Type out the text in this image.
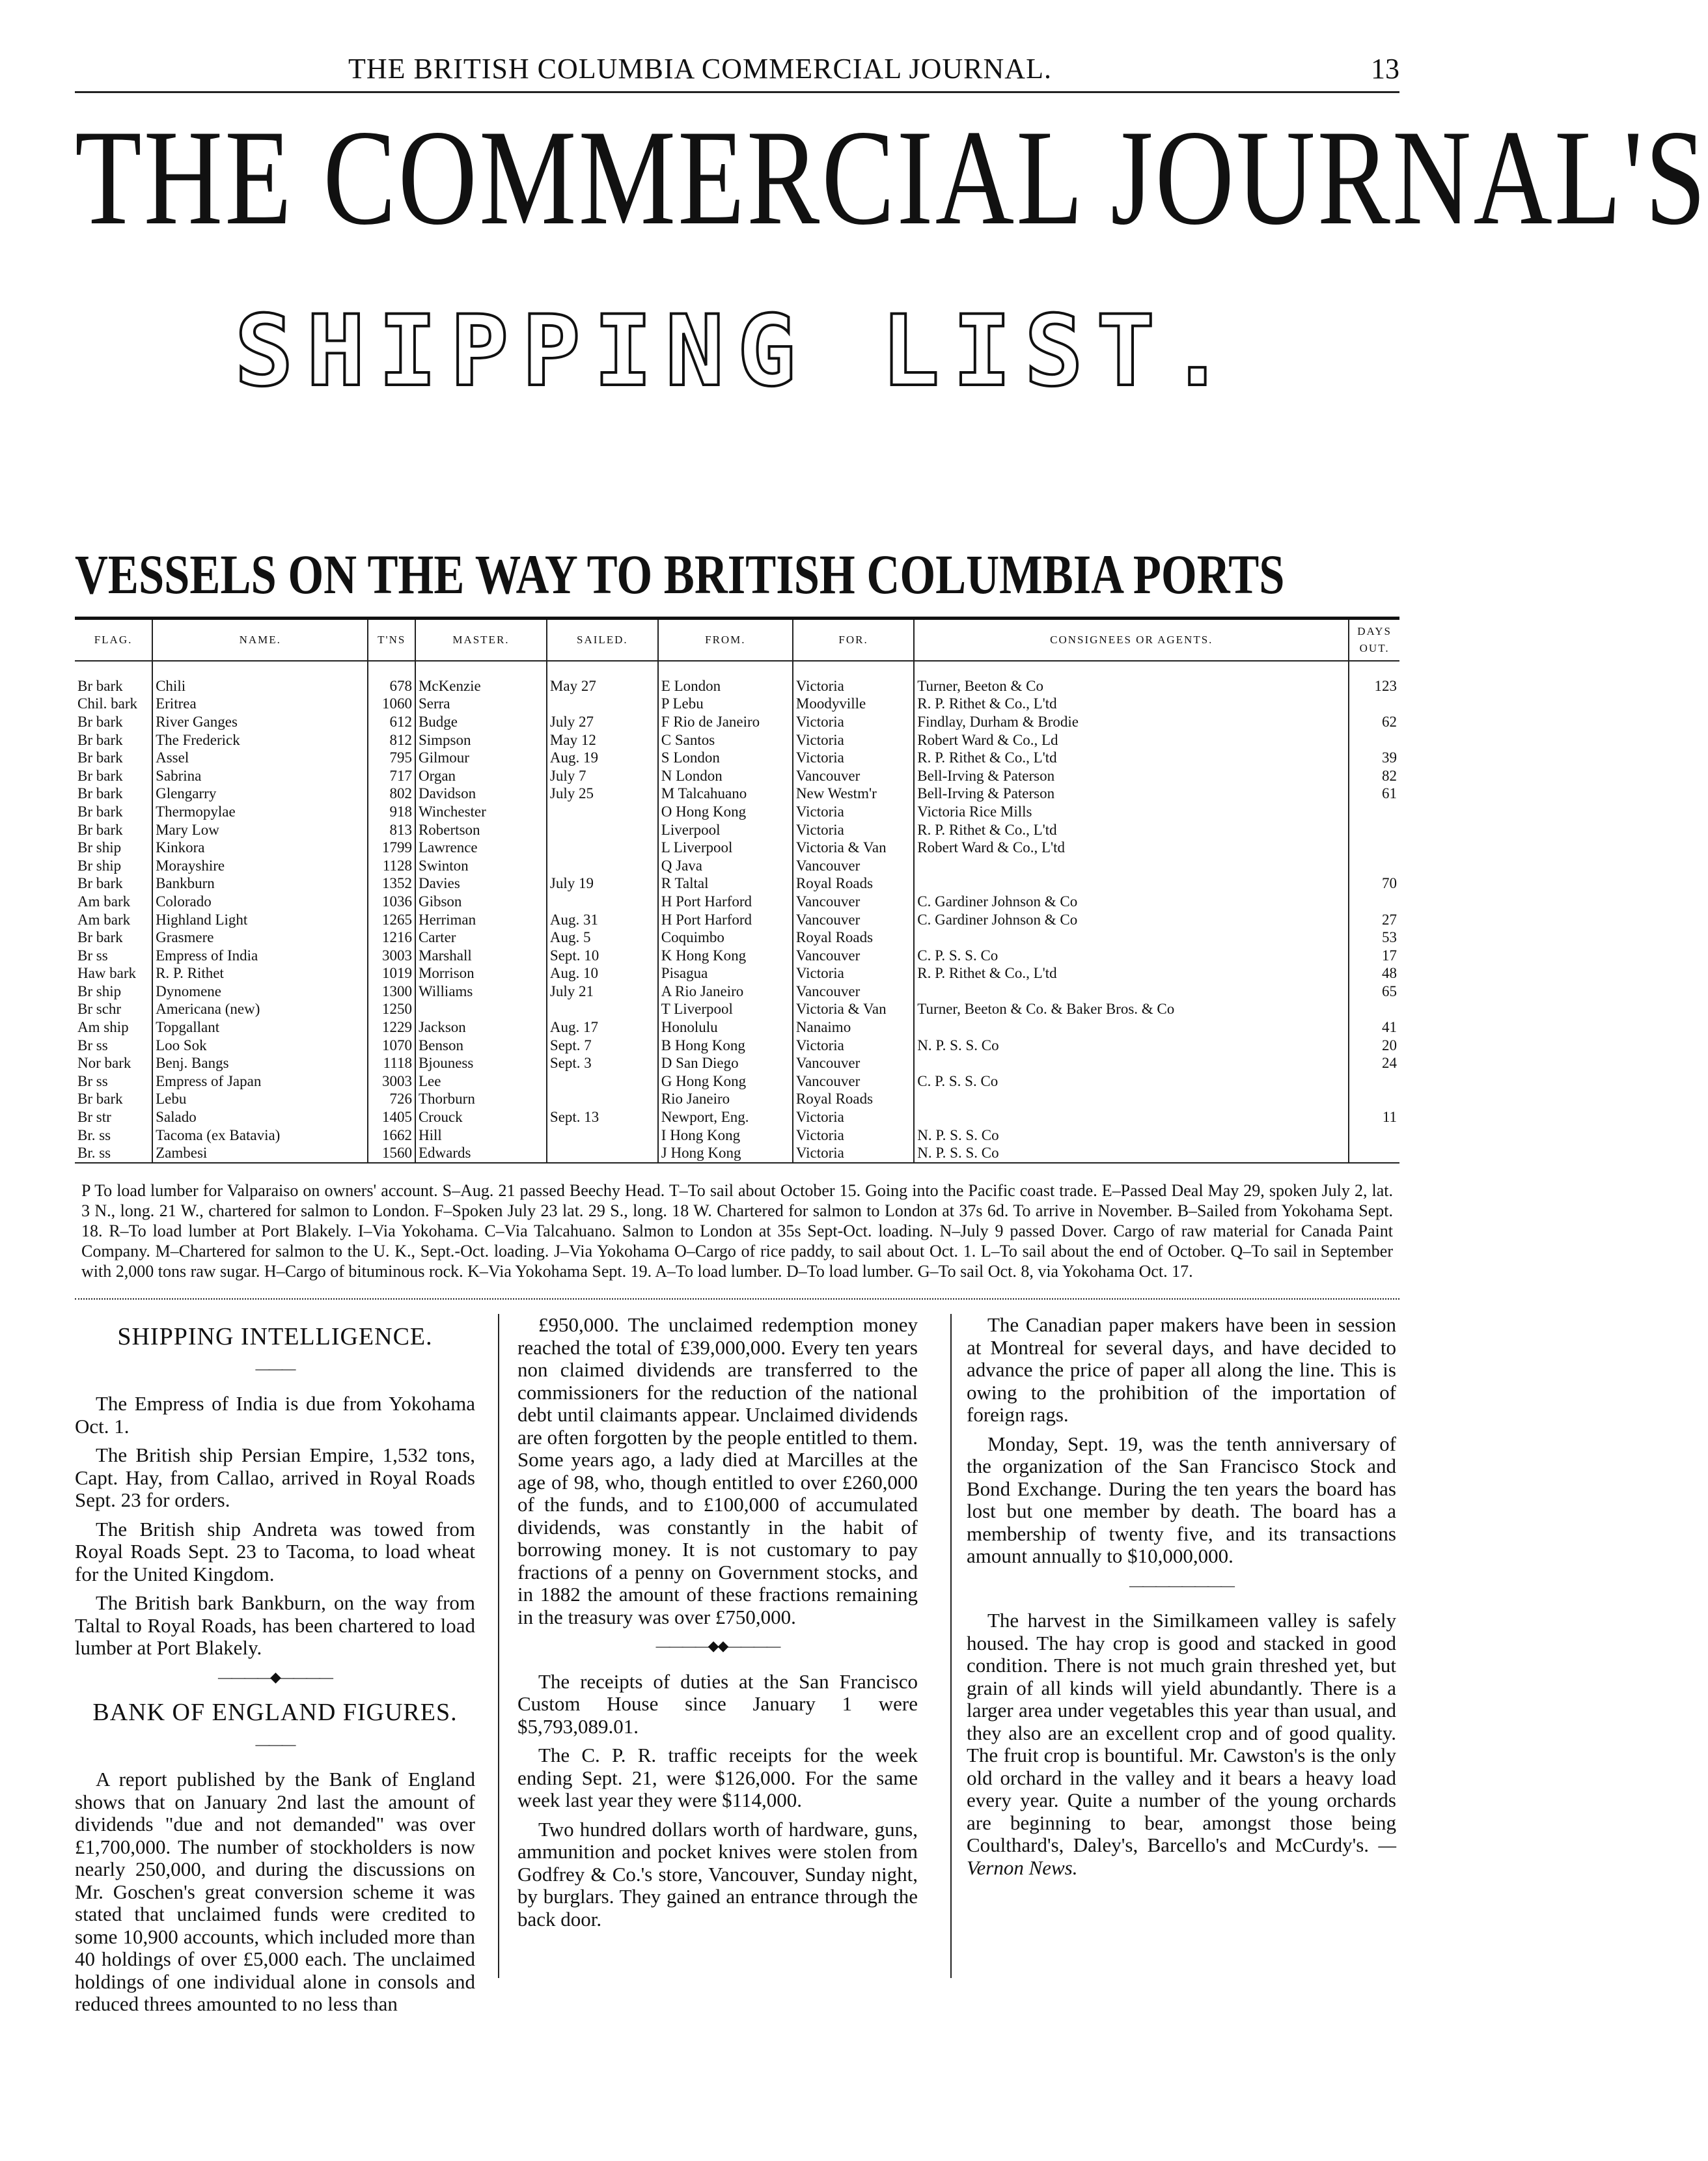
THE BRITISH COLUMBIA COMMERCIAL JOURNAL.	13
THE COMMERCIAL JOURNAL'S
SHIPPING LIST.
VESSELS ON THE WAY TO BRITISH COLUMBIA PORTS
FLAG.	NAME.	T'NS	MASTER.	SAILED.	FROM.	FOR.	CONSIGNEES OR AGENTS.	DAYS OUT.
Br bark	Chili	678	McKenzie	May 27	E London	Victoria	Turner, Beeton & Co	123
Chil. bark	Eritrea	1060	Serra		P Lebu	Moodyville	R. P. Rithet & Co., L'td	
Br bark	River Ganges	612	Budge	July 27	F Rio de Janeiro	Victoria	Findlay, Durham & Brodie	62
Br bark	The Frederick	812	Simpson	May 12	C Santos	Victoria	Robert Ward & Co., Ld	
Br bark	Assel	795	Gilmour	Aug. 19	S London	Victoria	R. P. Rithet & Co., L'td	39
Br bark	Sabrina	717	Organ	July 7	N London	Vancouver	Bell-Irving & Paterson	82
Br bark	Glengarry	802	Davidson	July 25	M Talcahuano	New Westm'r	Bell-Irving & Paterson	61
Br bark	Thermopylae	918	Winchester		O Hong Kong	Victoria	Victoria Rice Mills	
Br bark	Mary Low	813	Robertson		Liverpool	Victoria	R. P. Rithet & Co., L'td	
Br ship	Kinkora	1799	Lawrence		L Liverpool	Victoria & Van	Robert Ward & Co., L'td	
Br ship	Morayshire	1128	Swinton		Q Java	Vancouver		
Br bark	Bankburn	1352	Davies	July 19	R Taltal	Royal Roads		70
Am bark	Colorado	1036	Gibson		H Port Harford	Vancouver	C. Gardiner Johnson & Co	
Am bark	Highland Light	1265	Herriman	Aug. 31	H Port Harford	Vancouver	C. Gardiner Johnson & Co	27
Br bark	Grasmere	1216	Carter	Aug. 5	Coquimbo	Royal Roads		53
Br ss	Empress of India	3003	Marshall	Sept. 10	K Hong Kong	Vancouver	C. P. S. S. Co	17
Haw bark	R. P. Rithet	1019	Morrison	Aug. 10	Pisagua	Victoria	R. P. Rithet & Co., L'td	48
Br ship	Dynomene	1300	Williams	July 21	A Rio Janeiro	Vancouver		65
Br schr	Americana (new)	1250			T Liverpool	Victoria & Van	Turner, Beeton & Co. & Baker Bros. & Co	
Am ship	Topgallant	1229	Jackson	Aug. 17	Honolulu	Nanaimo		41
Br ss	Loo Sok	1070	Benson	Sept. 7	B Hong Kong	Victoria	N. P. S. S. Co	20
Nor bark	Benj. Bangs	1118	Bjouness	Sept. 3	D San Diego	Vancouver		24
Br ss	Empress of Japan	3003	Lee		G Hong Kong	Vancouver	C. P. S. S. Co	
Br bark	Lebu	726	Thorburn		Rio Janeiro	Royal Roads		
Br str	Salado	1405	Crouck	Sept. 13	Newport, Eng.	Victoria		11
Br. ss	Tacoma (ex Batavia)	1662	Hill		I Hong Kong	Victoria	N. P. S. S. Co	
Br. ss	Zambesi	1560	Edwards		J Hong Kong	Victoria	N. P. S. S. Co	
P To load lumber for Valparaiso on owners' account. S–Aug. 21 passed Beechy Head. T–To sail about October 15. Going into the Pacific coast trade. E–Passed Deal May 29, spoken July 2, lat. 3 N., long. 21 W., chartered for salmon to London. F–Spoken July 23 lat. 29 S., long. 18 W. Chartered for salmon to London at 37s 6d. To arrive in November. B–Sailed from Yokohama Sept. 18. R–To load lumber at Port Blakely. I–Via Yokohama. C–Via Talcahuano. Salmon to London at 35s Sept-Oct. loading. N–July 9 passed Dover. Cargo of raw material for Canada Paint Company. M–Chartered for salmon to the U. K., Sept.-Oct. loading. J–Via Yokohama O–Cargo of rice paddy, to sail about Oct. 1. L–To sail about the end of October. Q–To sail in September with 2,000 tons raw sugar. H–Cargo of bituminous rock. K–Via Yokohama Sept. 19. A–To load lumber. D–To load lumber. G–To sail Oct. 8, via Yokohama Oct. 17.
SHIPPING INTELLIGENCE.
———

The Empress of India is due from Yokohama Oct. 1.

The British ship Persian Empire, 1,532 tons, Capt. Hay, from Callao, arrived in Royal Roads Sept. 23 for orders.

The British ship Andreta was towed from Royal Roads Sept. 23 to Tacoma, to load wheat for the United Kingdom.

The British bark Bankburn, on the way from Taltal to Royal Roads, has been chartered to load lumber at Port Blakely.

————◆————
BANK OF ENGLAND FIGURES.
———

A report published by the Bank of England shows that on January 2nd last the amount of dividends "due and not demanded" was over £1,700,000. The number of stockholders is now nearly 250,000, and during the discussions on Mr. Goschen's great conversion scheme it was stated that unclaimed funds were credited to some 10,900 accounts, which included more than 40 holdings of over £5,000 each. The unclaimed holdings of one individual alone in consols and reduced threes amounted to no less than

£950,000. The unclaimed redemption money reached the total of £39,000,000. Every ten years non claimed dividends are transferred to the commissioners for the reduction of the national debt until claimants appear. Unclaimed dividends are often forgotten by the people entitled to them. Some years ago, a lady died at Marcilles at the age of 98, who, though entitled to over £260,000 of the funds, and to £100,000 of accumulated dividends, was constantly in the habit of borrowing money. It is not customary to pay fractions of a penny on Government stocks, and in 1882 the amount of these fractions remaining in the treasury was over £750,000.

————◆◆————

The receipts of duties at the San Francisco Custom House since January 1 were $5,793,089.01.

The C. P. R. traffic receipts for the week ending Sept. 21, were $126,000. For the same week last year they were $114,000.

Two hundred dollars worth of hardware, guns, ammunition and pocket knives were stolen from Godfrey & Co.'s store, Vancouver, Sunday night, by burglars. They gained an entrance through the back door.

The Canadian paper makers have been in session at Montreal for several days, and have decided to advance the price of paper all along the line. This is owing to the prohibition of the importation of foreign rags.

Monday, Sept. 19, was the tenth anniversary of the organization of the San Francisco Stock and Bond Exchange. During the ten years the board has lost but one member by death. The board has a membership of twenty five, and its transactions amount annually to $10,000,000.

————————

The harvest in the Similkameen valley is safely housed. The hay crop is good and stacked in good condition. There is not much grain threshed yet, but grain of all kinds will yield abundantly. There is a larger area under vegetables this year than usual, and they also are an excellent crop and of good quality. The fruit crop is bountiful. Mr. Cawston's is the only old orchard in the valley and it bears a heavy load every year. Quite a number of the young orchards are beginning to bear, amongst those being Coulthard's, Daley's, Barcello's and McCurdy's. — Vernon News.
